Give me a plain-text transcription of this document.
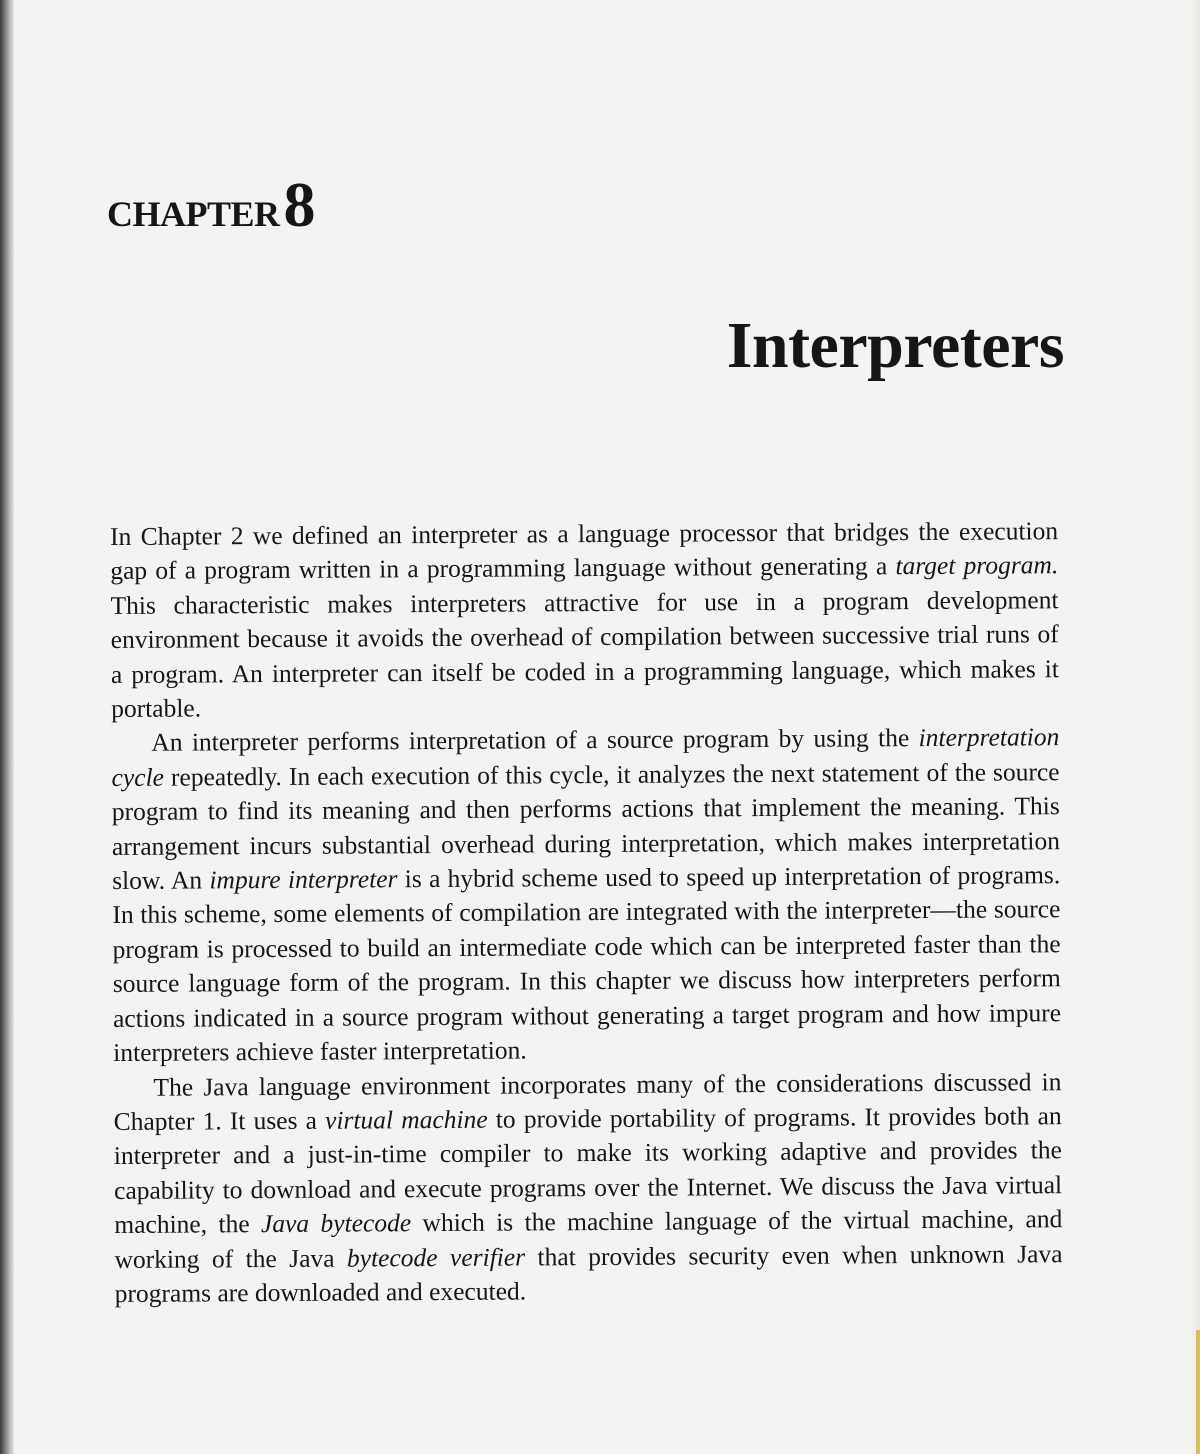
CHAPTER8
Interpreters

In Chapter 2 we defined an interpreter as a language processor that bridges the execution gap of a program written in a programming language without generating a target program. This characteristic makes interpreters attractive for use in a program development environment because it avoids the overhead of compilation between successive trial runs of a program. An interpreter can itself be coded in a programming language, which makes it portable.

An interpreter performs interpretation of a source program by using the interpretation cycle repeatedly. In each execution of this cycle, it analyzes the next statement of the source program to find its meaning and then performs actions that implement the meaning. This arrangement incurs substantial overhead during interpretation, which makes interpretation slow. An impure interpreter is a hybrid scheme used to speed up interpretation of programs. In this scheme, some elements of compilation are integrated with the interpreter—the source program is processed to build an intermediate code which can be interpreted faster than the source language form of the program. In this chapter we discuss how interpreters perform actions indicated in a source program without generating a target program and how impure interpreters achieve faster interpretation.

The Java language environment incorporates many of the considerations discussed in Chapter 1. It uses a virtual machine to provide portability of programs. It provides both an interpreter and a just-in-time compiler to make its working adaptive and provides the capability to download and execute programs over the Internet. We discuss the Java virtual machine, the Java bytecode which is the machine language of the virtual machine, and working of the Java bytecode verifier that provides security even when unknown Java programs are downloaded and executed.
